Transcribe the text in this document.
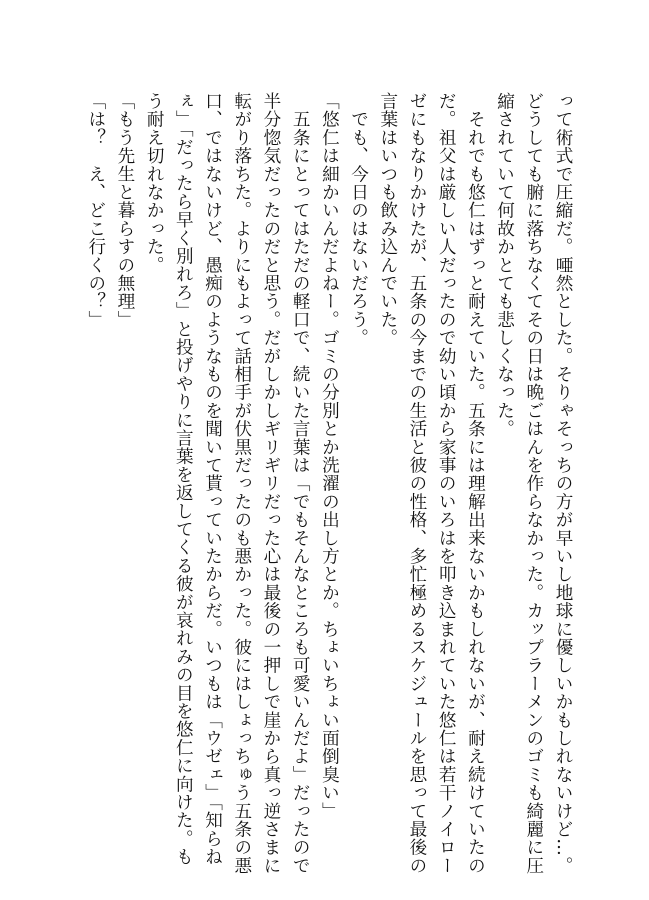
って術式で圧縮だ。唖然とした。そりゃそっちの方が早いし地球に優しいかもしれないけど…。
どうしても腑に落ちなくてその日は晩ごはんを作らなかった。カップラーメンのゴミも綺麗に圧
縮されていて何故かとても悲しくなった。
　それでも悠仁はずっと耐えていた。五条には理解出来ないかもしれないが、耐え続けていたの
だ。祖父は厳しい人だったので幼い頃から家事のいろはを叩き込まれていた悠仁は若干ノイロー
ゼにもなりかけたが、五条の今までの生活と彼の性格、多忙極めるスケジュールを思って最後の
言葉はいつも飲み込んでいた。
　でも、今日のはないだろう。
「悠仁は細かいんだよねー。ゴミの分別とか洗濯の出し方とか。ちょいちょい面倒臭い」
　五条にとってはただの軽口で、続いた言葉は「でもそんなところも可愛いんだよ」だったので
半分惚気だったのだと思う。だがしかしギリギリだった心は最後の一押しで崖から真っ逆さまに
転がり落ちた。よりにもよって話相手が伏黒だったのも悪かった。彼にはしょっちゅう五条の悪
口、ではないけど、愚痴のようなものを聞いて貰っていたからだ。いつもは「ウゼェ」「知らね
ぇ」「だったら早く別れろ」と投げやりに言葉を返してくる彼が哀れみの目を悠仁に向けた。も
う耐え切れなかった。
「もう先生と暮らすの無理」
「は？　え、どこ行くの？」
